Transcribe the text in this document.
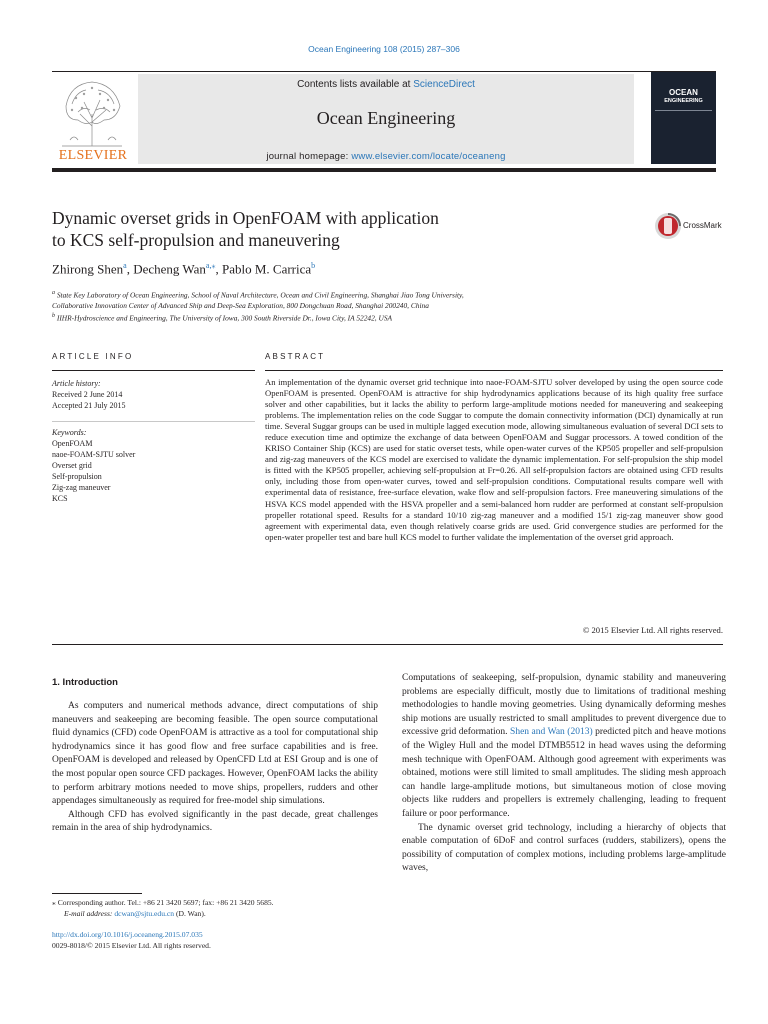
Ocean Engineering 108 (2015) 287–306
ELSEVIER
Contents lists available at ScienceDirect
Ocean Engineering
journal homepage: www.elsevier.com/locate/oceaneng
OCEAN
ENGINEERING
Dynamic overset grids in OpenFOAM with application
to KCS self-propulsion and maneuvering
CrossMark
Zhirong Shen$^a$, Decheng Wan$^{a,⁎}$, Pablo M. Carrica$^b$
$^a$ State Key Laboratory of Ocean Engineering, School of Naval Architecture, Ocean and Civil Engineering, Shanghai Jiao Tong University,
Collaborative Innovation Center of Advanced Ship and Deep-Sea Exploration, 800 Dongchuan Road, Shanghai 200240, China
$^b$ IIHR-Hydroscience and Engineering, The University of Iowa, 300 South Riverside Dr., Iowa City, IA 52242, USA
ARTICLE INFO	ABSTRACT
Article history:
Received 2 June 2014
Accepted 21 July 2015
Keywords:
OpenFOAM
naoe-FOAM-SJTU solver
Overset grid
Self-propulsion
Zig-zag maneuver
KCS
An implementation of the dynamic overset grid technique into naoe-FOAM-SJTU solver developed by using the open source code OpenFOAM is presented. OpenFOAM is attractive for ship hydrodynamics applications because of its high quality free surface solver and other capabilities, but it lacks the ability to perform large-amplitude motions needed for maneuvering and seakeeping problems. The implementation relies on the code Suggar to compute the domain connectivity information (DCI) dynamically at run time. Several Suggar groups can be used in multiple lagged execution mode, allowing simultaneous evaluation of several DCI sets to reduce execution time and optimize the exchange of data between OpenFOAM and Suggar processors. A towed condition of the KRISO Container Ship (KCS) are used for static overset tests, while open-water curves of the KP505 propeller and self-propulsion and zig-zag maneuvers of the KCS model are exercised to validate the dynamic implementation. For self-propulsion the ship model is fitted with the KP505 propeller, achieving self-propulsion at Fr=0.26. All self-propulsion factors are obtained using CFD results only, including those from open-water curves, towed and self-propulsion conditions. Computational results compare well with experimental data of resistance, free-surface elevation, wake flow and self-propulsion factors. Free maneuvering simulations of the HSVA KCS model appended with the HSVA propeller and a semi-balanced horn rudder are performed at constant self-propulsion propeller rotational speed. Results for a standard 10/10 zig-zag maneuver and a modified 15/1 zig-zag maneuver show good agreement with experimental data, even though relatively coarse grids are used. Grid convergence studies are performed for the open-water propeller test and bare hull KCS model to further validate the implementation of the overset grid approach.
© 2015 Elsevier Ltd. All rights reserved.
1. Introduction

As computers and numerical methods advance, direct computations of ship maneuvers and seakeeping are becoming feasible. The open source computational fluid dynamics (CFD) code OpenFOAM is attractive as a tool for computational ship hydrodynamics since it has good flow and free surface capabilities and is free. OpenFOAM is developed and released by OpenCFD Ltd at ESI Group and is one of the most popular open source CFD packages. However, OpenFOAM lacks the ability to perform arbitrary motions needed to move ships, propellers, rudders and other appendages simultaneously as required for free-model ship simulations.

Although CFD has evolved significantly in the past decade, great challenges remain in the area of ship hydrodynamics.

Computations of seakeeping, self-propulsion, dynamic stability and maneuvering problems are especially difficult, mostly due to limitations of traditional meshing methodologies to handle moving geometries. Using dynamically deforming meshes ship motions are usually restricted to small amplitudes to prevent divergence due to excessive grid deformation. Shen and Wan (2013) predicted pitch and heave motions of the Wigley Hull and the model DTMB5512 in head waves using the deforming mesh technique with OpenFOAM. Although good agreement with experiments was obtained, motions were still limited to small amplitudes. The sliding mesh approach can handle large-amplitude motions, but simultaneous motion of close moving objects like rudders and propellers is extremely challenging, leading to frequent failure or poor performance.

The dynamic overset grid technology, including a hierarchy of objects that enable computation of 6DoF and control surfaces (rudders, stabilizers), opens the possibility of computation of complex motions, including problems large-amplitude waves,

⁎ Corresponding author. Tel.: +86 21 3420 5697; fax: +86 21 3420 5685.
E-mail address: dcwan@sjtu.edu.cn (D. Wan).
http://dx.doi.org/10.1016/j.oceaneng.2015.07.035
0029-8018/© 2015 Elsevier Ltd. All rights reserved.
